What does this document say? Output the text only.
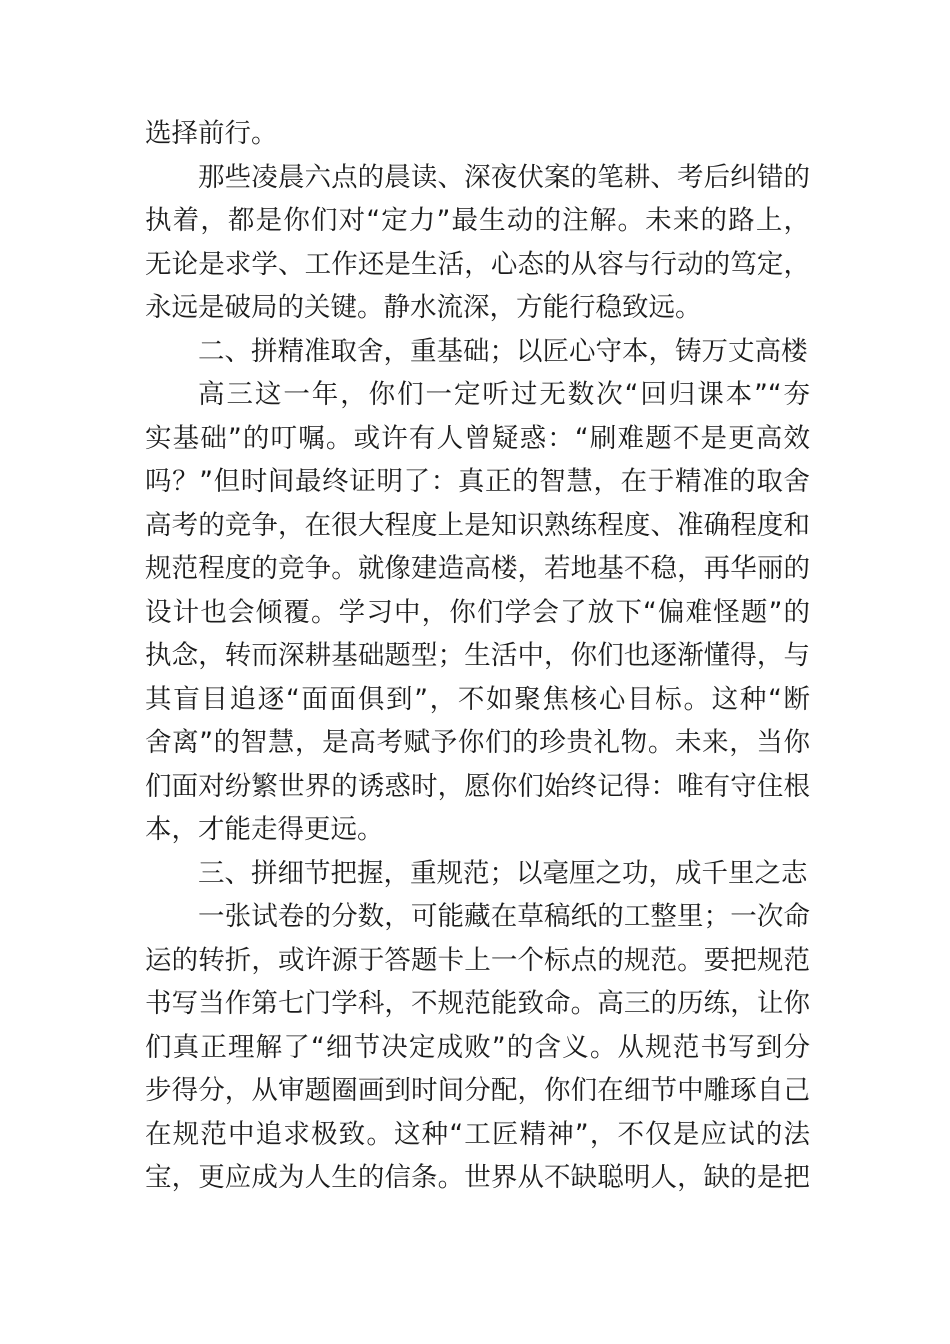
选择前行。
那些凌晨六点的晨读、深夜伏案的笔耕、考后纠错的
执着，都是你们对“定力”最生动的注解。未来的路上，
无论是求学、工作还是生活，心态的从容与行动的笃定，
永远是破局的关键。静水流深，方能行稳致远。
二、拼精准取舍，重基础；以匠心守本，铸万丈高楼
高三这一年，你们一定听过无数次“回归课本”“夯
实基础”的叮嘱。或许有人曾疑惑：“刷难题不是更高效
吗？”但时间最终证明了：真正的智慧，在于精准的取舍
高考的竞争，在很大程度上是知识熟练程度、准确程度和
规范程度的竞争。就像建造高楼，若地基不稳，再华丽的
设计也会倾覆。学习中，你们学会了放下“偏难怪题”的
执念，转而深耕基础题型；生活中，你们也逐渐懂得，与
其盲目追逐“面面俱到”，不如聚焦核心目标。这种“断
舍离”的智慧，是高考赋予你们的珍贵礼物。未来，当你
们面对纷繁世界的诱惑时，愿你们始终记得：唯有守住根
本，才能走得更远。
三、拼细节把握，重规范；以毫厘之功，成千里之志
一张试卷的分数，可能藏在草稿纸的工整里；一次命
运的转折，或许源于答题卡上一个标点的规范。要把规范
书写当作第七门学科，不规范能致命。高三的历练，让你
们真正理解了“细节决定成败”的含义。从规范书写到分
步得分，从审题圈画到时间分配，你们在细节中雕琢自己
在规范中追求极致。这种“工匠精神”，不仅是应试的法
宝，更应成为人生的信条。世界从不缺聪明人，缺的是把
